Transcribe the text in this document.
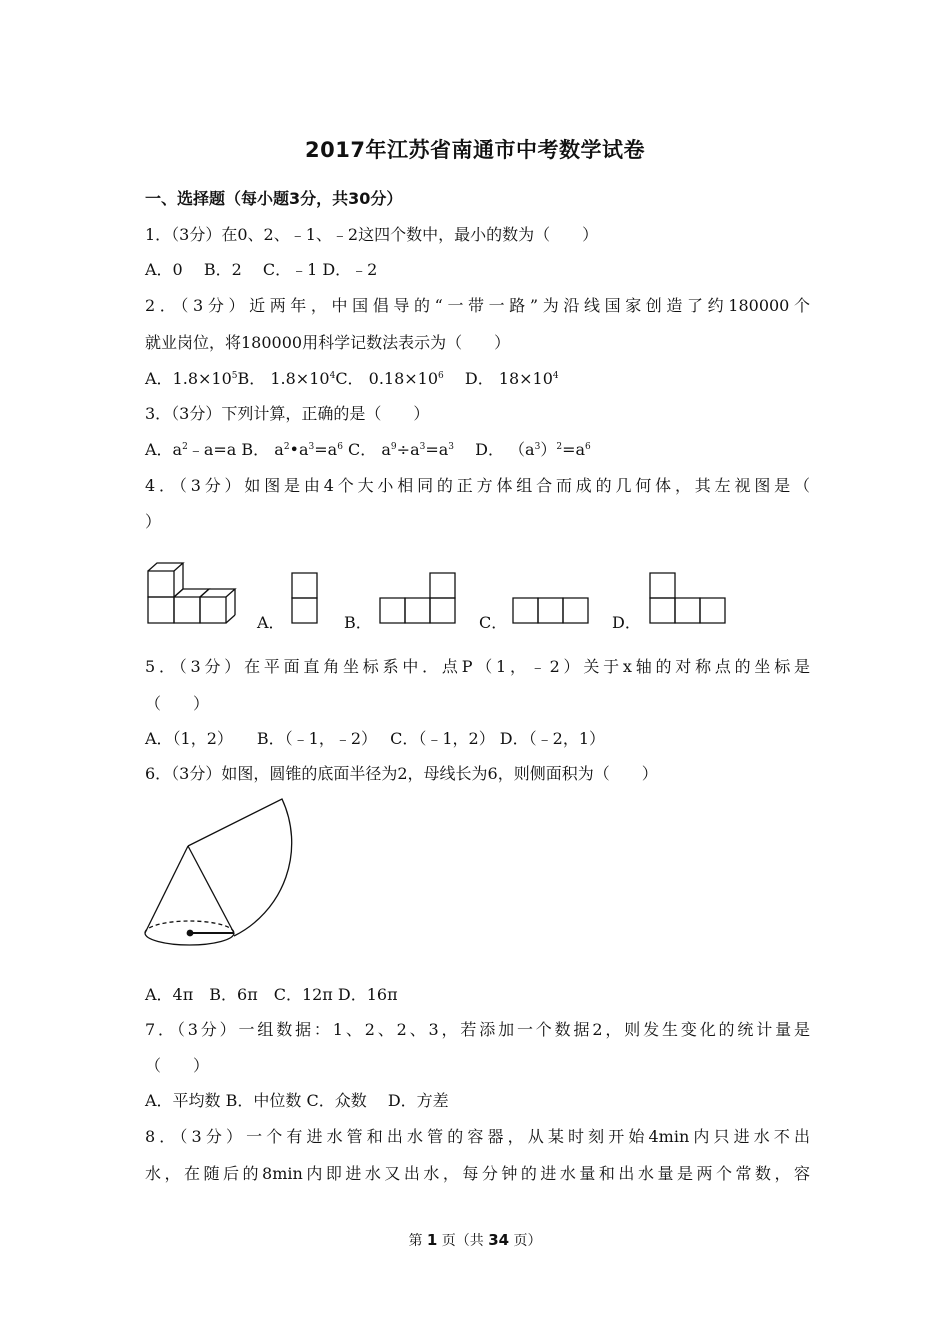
2017年江苏省南通市中考数学试卷
一、选择题（每小题3分，共30分）
1．（3分）在0、2、﹣1、﹣2这四个数中，最小的数为（　　）
A．0　 B．2　 C．﹣1 D．﹣2
2．（3分）近两年，中国倡导的“一带一路”为沿线国家创造了约180000个
就业岗位，将180000用科学记数法表示为（　　）
A．$1.8\times 10^5B$． $1.8\times 10^4C$． $0.18\times 10^6$　 D． $18\times 10^4$
3．（3分）下列计算，正确的是（　　）
A．$a^2﹣a=a$ B． $a^2•a^3=a^6$ C． $a^9\div a^3=a^3$　 D． $(a^3)^2=a^6$
4．（3分）如图是由4个大小相同的正方体组合而成的几何体，其左视图是（
）
A．	B．	C．	D．
5．（3分）在平面直角坐标系中．点P（1，﹣2）关于x轴的对称点的坐标是
（　　）
A．（1，2）　　B．（﹣1，﹣2）　 C．（﹣1，2） D．（﹣2，1）
6．（3分）如图，圆锥的底面半径为2，母线长为6，则侧面积为（　　）
A．4π　B．6π　C．12π D．16π
7．（3分）一组数据：1、2、2、3，若添加一个数据2，则发生变化的统计量是
（　　）
A．平均数 B．中位数 C．众数　 D．方差
8．（3分）一个有进水管和出水管的容器，从某时刻开始4min内只进水不出
水，在随后的8min内即进水又出水，每分钟的进水量和出水量是两个常数，容
第 1 页（共 34 页）
